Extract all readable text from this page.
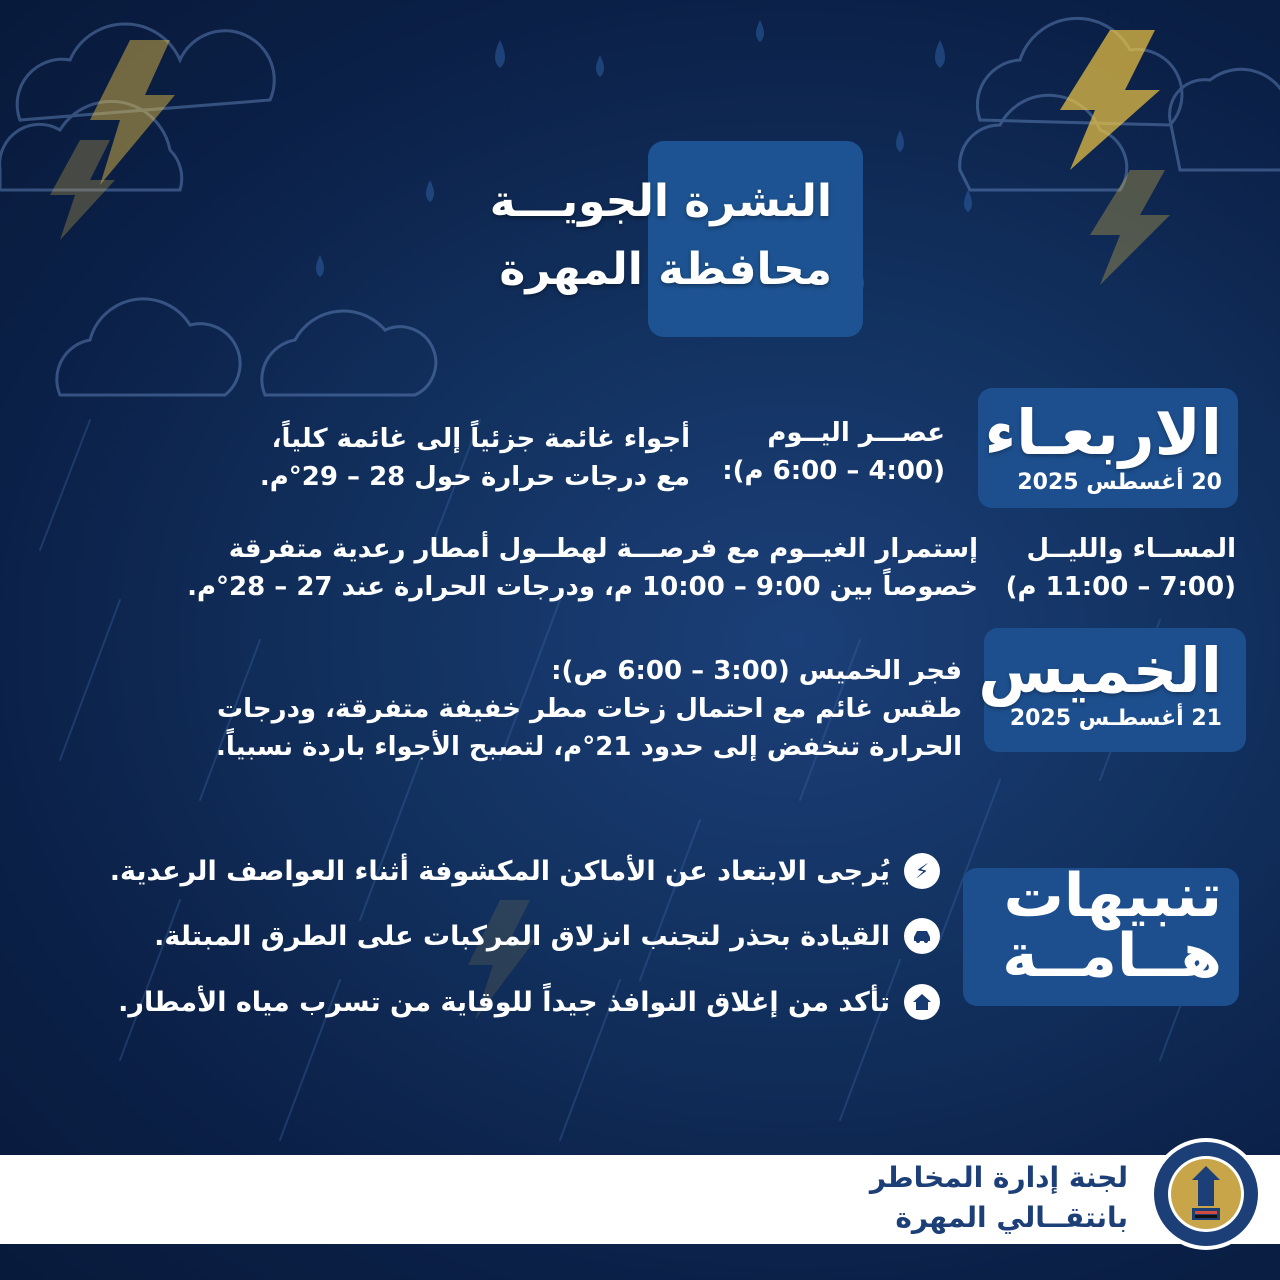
النشرة الجويـــة
محافظة المهرة
الاربعـاء
20 أغسطس 2025
عصـــر اليــوم
(4:00 – 6:00 م):
أجواء غائمة جزئياً إلى غائمة كلياً،
مع درجات حرارة حول 28 – 29°م.
المســاء والليــل
(7:00 – 11:00 م)
إستمرار الغيــوم مع فرصـــة لهطــول أمطار رعدية متفرقة
خصوصاً بين 9:00 – 10:00 م، ودرجات الحرارة عند 27 – 28°م.
الخميس
21 أغسطـس 2025
فجر الخميس (3:00 – 6:00 ص):
طقس غائم مع احتمال زخات مطر خفيفة متفرقة، ودرجات
الحرارة تنخفض إلى حدود 21°م، لتصبح الأجواء باردة نسبياً.
تنبيهات
هــامــة
⚡
يُرجى الابتعاد عن الأماكن المكشوفة أثناء العواصف الرعدية.
القيادة بحذر لتجنب انزلاق المركبات على الطرق المبتلة.
تأكد من إغلاق النوافذ جيداً للوقاية من تسرب مياه الأمطار.
لجنة إدارة المخاطر
بانتقــالي المهرة
